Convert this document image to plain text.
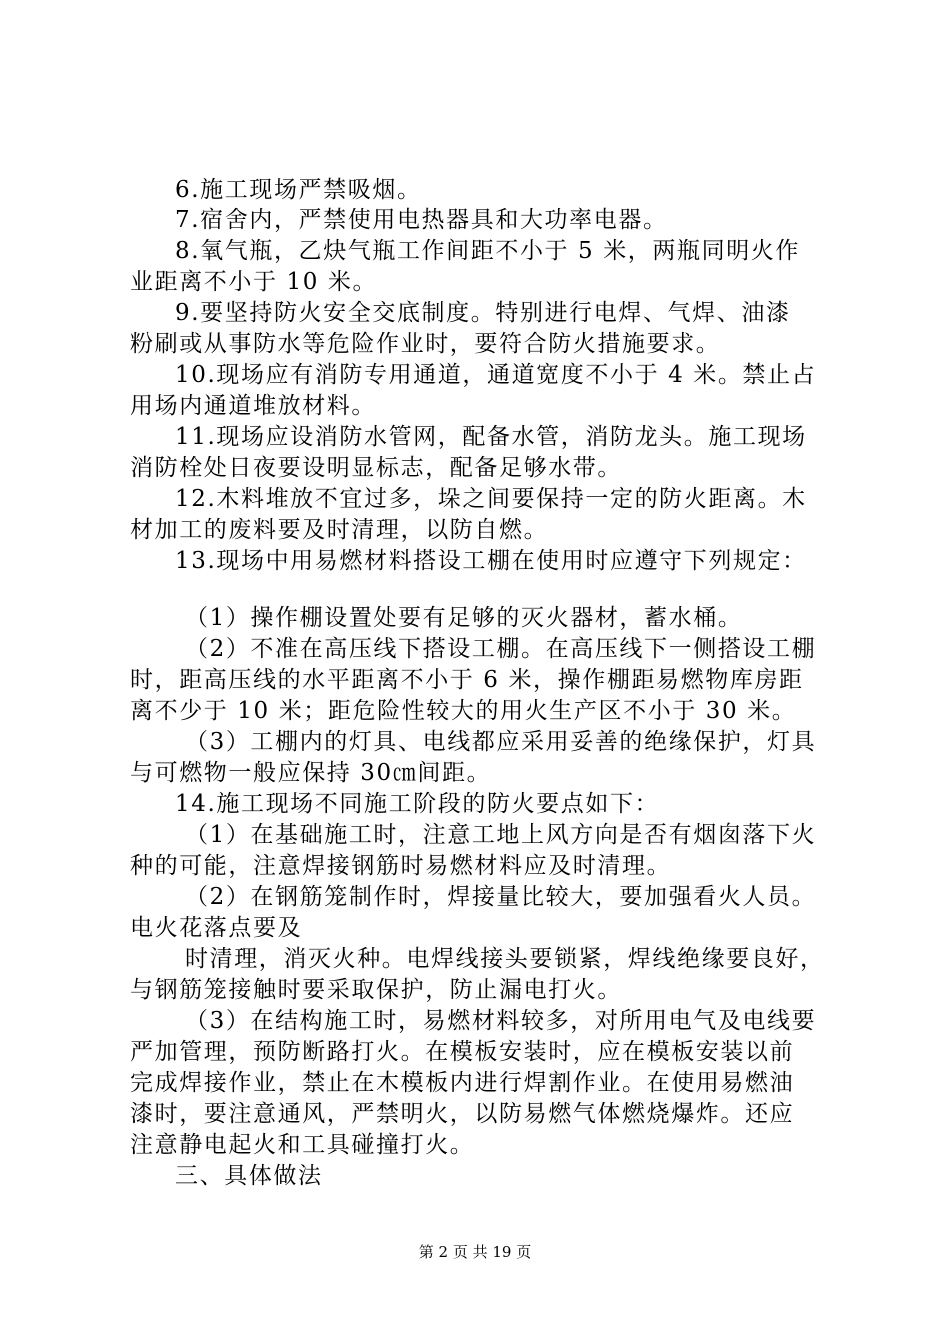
6.施工现场严禁吸烟。
7.宿舍内，严禁使用电热器具和大功率电器。
8.氧气瓶，乙炔气瓶工作间距不小于 5 米，两瓶同明火作
业距离不小于 10 米。
9.要坚持防火安全交底制度。特别进行电焊、气焊、油漆
粉刷或从事防水等危险作业时，要符合防火措施要求。
10.现场应有消防专用通道，通道宽度不小于 4 米。禁止占
用场内通道堆放材料。
11.现场应设消防水管网，配备水管，消防龙头。施工现场
消防栓处日夜要设明显标志，配备足够水带。
12.木料堆放不宜过多，垛之间要保持一定的防火距离。木
材加工的废料要及时清理，以防自燃。
13.现场中用易燃材料搭设工棚在使用时应遵守下列规定：
（1）操作棚设置处要有足够的灭火器材，蓄水桶。
（2）不准在高压线下搭设工棚。在高压线下一侧搭设工棚
时，距高压线的水平距离不小于 6 米，操作棚距易燃物库房距
离不少于 10 米；距危险性较大的用火生产区不小于 30 米。
（3）工棚内的灯具、电线都应采用妥善的绝缘保护，灯具
与可燃物一般应保持 30㎝间距。
14.施工现场不同施工阶段的防火要点如下：
（1）在基础施工时，注意工地上风方向是否有烟囱落下火
种的可能，注意焊接钢筋时易燃材料应及时清理。
（2）在钢筋笼制作时，焊接量比较大，要加强看火人员。
电火花落点要及
时清理，消灭火种。电焊线接头要锁紧，焊线绝缘要良好，
与钢筋笼接触时要采取保护，防止漏电打火。
（3）在结构施工时，易燃材料较多，对所用电气及电线要
严加管理，预防断路打火。在模板安装时，应在模板安装以前
完成焊接作业，禁止在木模板内进行焊割作业。在使用易燃油
漆时，要注意通风，严禁明火，以防易燃气体燃烧爆炸。还应
注意静电起火和工具碰撞打火。
三、具体做法
第 2 页 共 19 页
